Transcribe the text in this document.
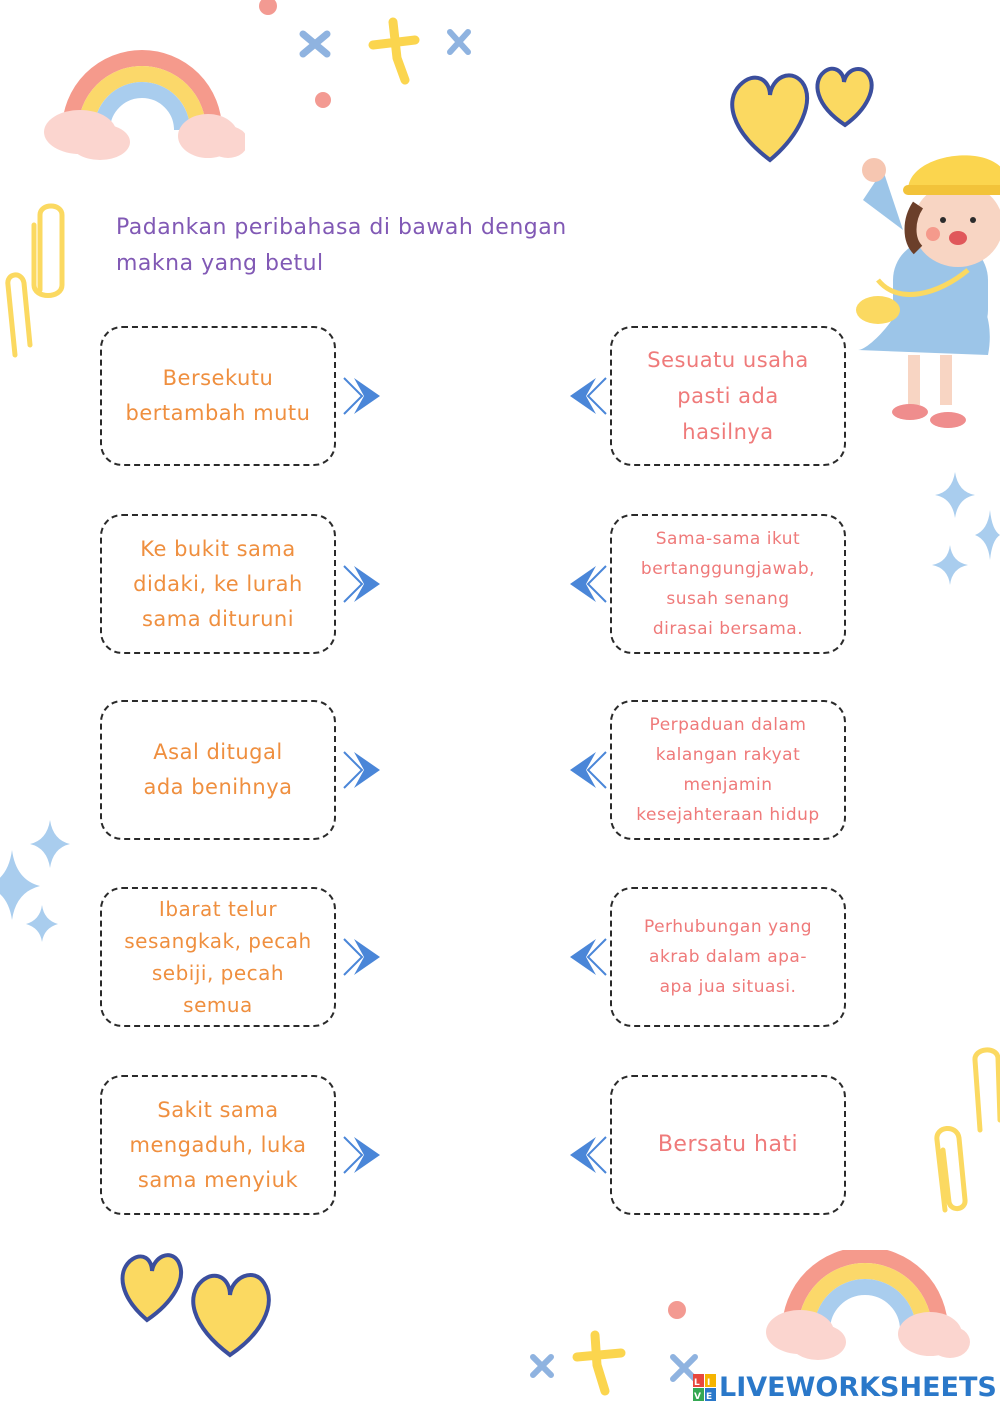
Padankan peribahasa di bawah dengan
makna yang betul
Bersekutu
bertambah mutu
Ke bukit sama
didaki, ke lurah
sama dituruni
Asal ditugal
ada benihnya
Ibarat telur
sesangkak, pecah
sebiji, pecah
semua
Sakit sama
mengaduh, luka
sama menyiuk
Sesuatu usaha
pasti ada
hasilnya
Sama-sama ikut
bertanggungjawab,
susah senang
dirasai bersama.
Perpaduan dalam
kalangan rakyat
menjamin
kesejahteraan hidup
Perhubungan yang
akrab dalam apa-
apa jua situasi.
Bersatu hati
L I
V E LIVEWORKSHEETS
